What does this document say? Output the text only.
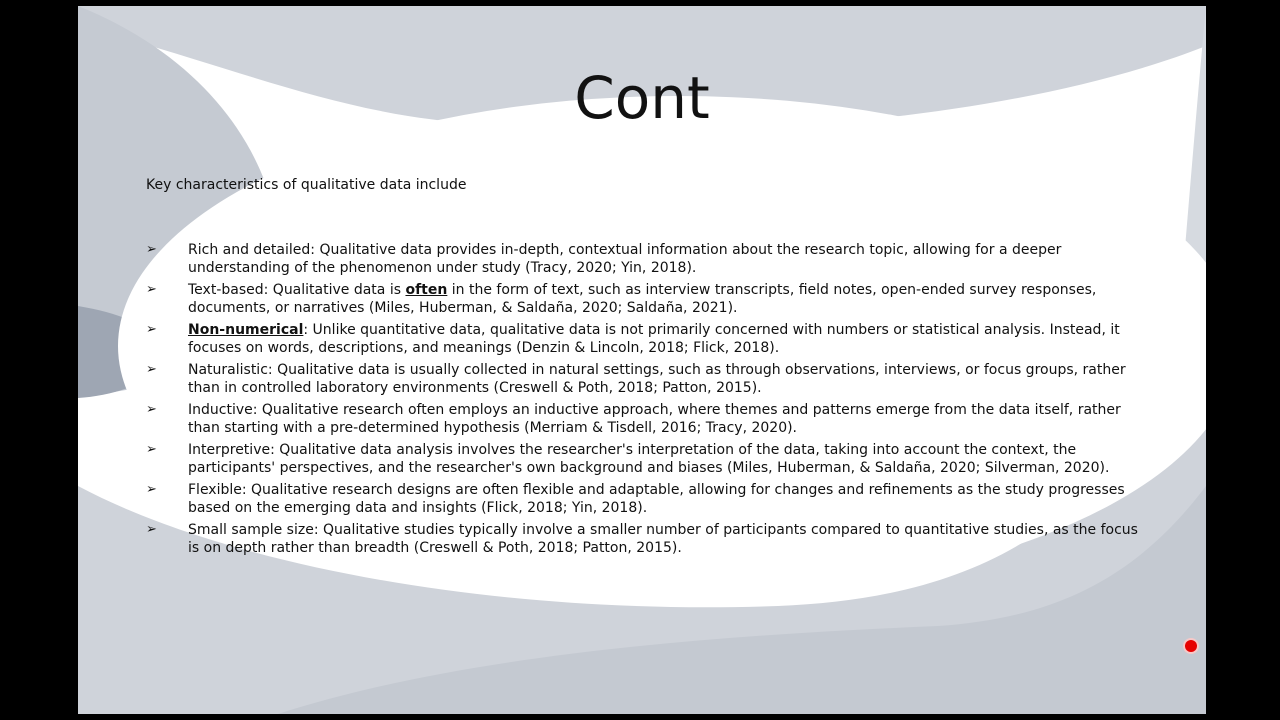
Cont
Key characteristics of qualitative data include
➢ Rich and detailed: Qualitative data provides in-depth, contextual information about the research topic, allowing for a deeper understanding of the phenomenon under study (Tracy, 2020; Yin, 2018).
➢ Text-based: Qualitative data is often in the form of text, such as interview transcripts, field notes, open-ended survey responses, documents, or narratives (Miles, Huberman, & Saldaña, 2020; Saldaña, 2021).
➢ Non-numerical: Unlike quantitative data, qualitative data is not primarily concerned with numbers or statistical analysis. Instead, it focuses on words, descriptions, and meanings (Denzin & Lincoln, 2018; Flick, 2018).
➢ Naturalistic: Qualitative data is usually collected in natural settings, such as through observations, interviews, or focus groups, rather than in controlled laboratory environments (Creswell & Poth, 2018; Patton, 2015).
➢ Inductive: Qualitative research often employs an inductive approach, where themes and patterns emerge from the data itself, rather than starting with a pre-determined hypothesis (Merriam & Tisdell, 2016; Tracy, 2020).
➢ Interpretive: Qualitative data analysis involves the researcher's interpretation of the data, taking into account the context, the participants' perspectives, and the researcher's own background and biases (Miles, Huberman, & Saldaña, 2020; Silverman, 2020).
➢ Flexible: Qualitative research designs are often flexible and adaptable, allowing for changes and refinements as the study progresses based on the emerging data and insights (Flick, 2018; Yin, 2018).
➢ Small sample size: Qualitative studies typically involve a smaller number of participants compared to quantitative studies, as the focus is on depth rather than breadth (Creswell & Poth, 2018; Patton, 2015).
